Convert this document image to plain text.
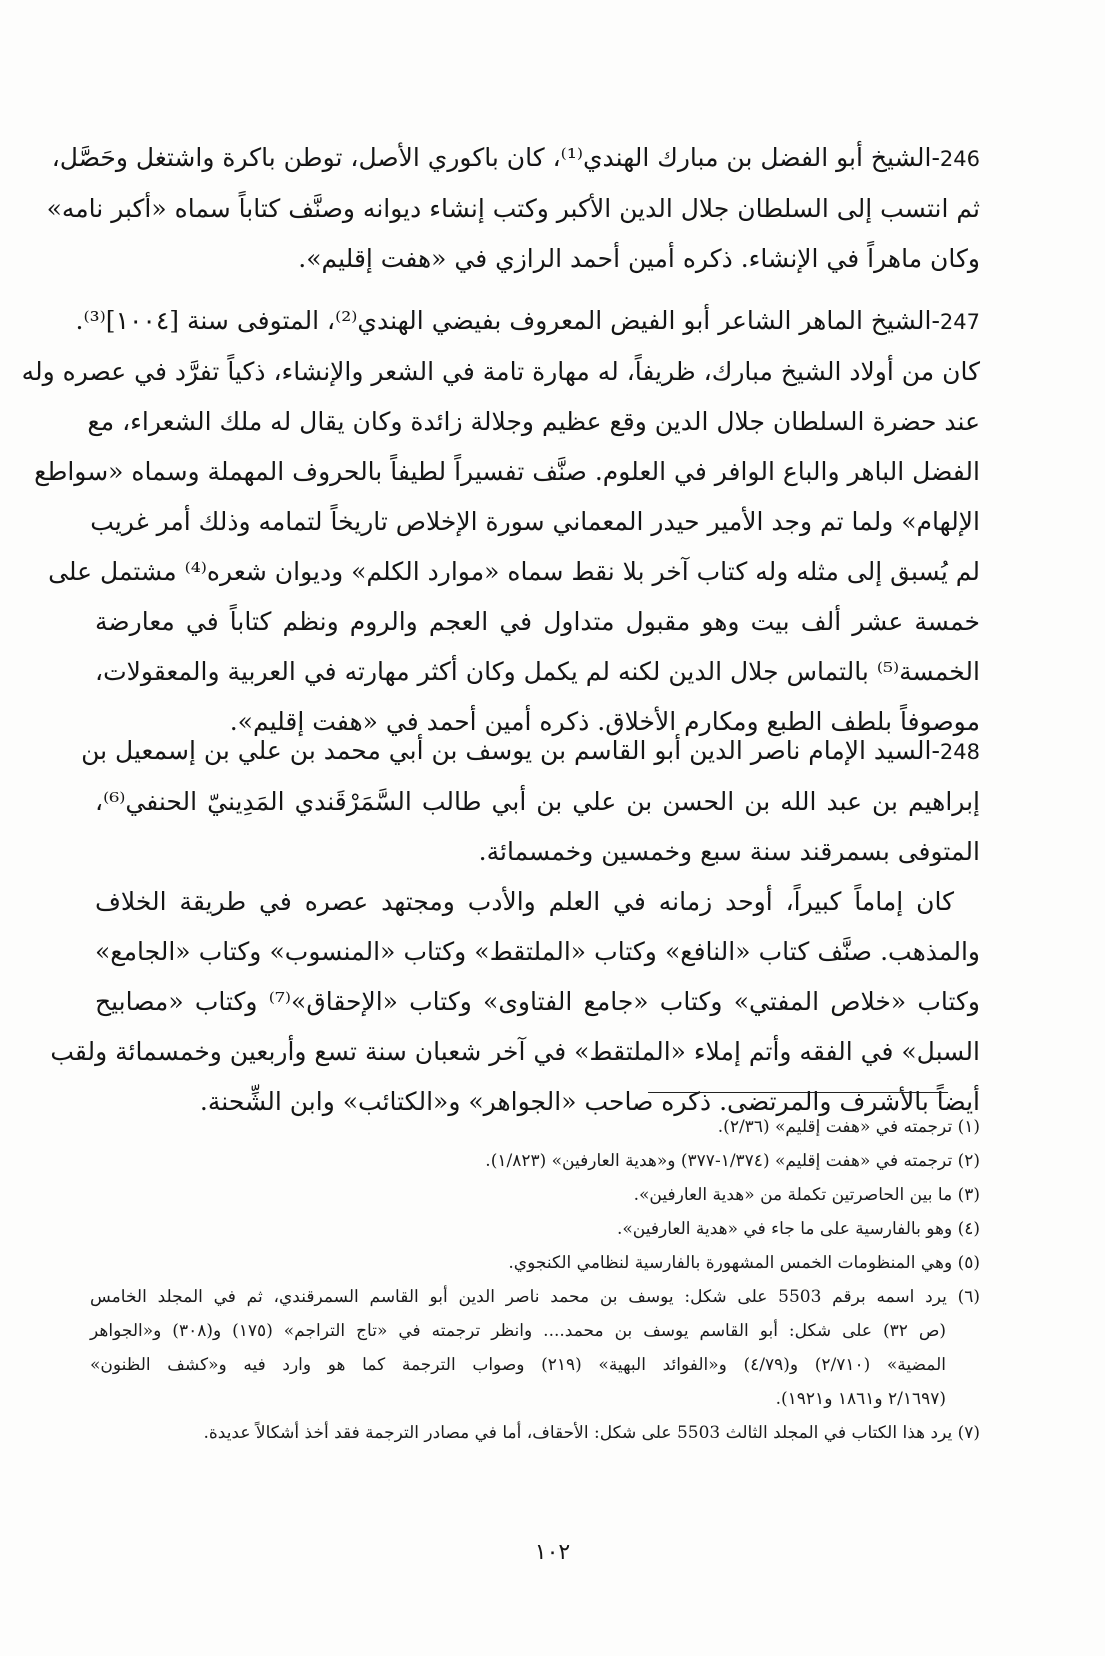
246-الشيخ أبو الفضل بن مبارك الهندي⁽¹⁾، كان باكوري الأصل، توطن باكرة واشتغل وحَصَّل،
ثم انتسب إلى السلطان جلال الدين الأكبر وكتب إنشاء ديوانه وصنَّف كتاباً سماه «أكبر نامه»
وكان ماهراً في الإنشاء. ذكره أمين أحمد الرازي في «هفت إقليم».
247-الشيخ الماهر الشاعر أبو الفيض المعروف بفيضي الهندي⁽²⁾، المتوفى سنة [١٠٠٤]⁽³⁾.
كان من أولاد الشيخ مبارك، ظريفاً، له مهارة تامة في الشعر والإنشاء، ذكياً تفرَّد في عصره وله
عند حضرة السلطان جلال الدين وقع عظيم وجلالة زائدة وكان يقال له ملك الشعراء، مع
الفضل الباهر والباع الوافر في العلوم. صنَّف تفسيراً لطيفاً بالحروف المهملة وسماه «سواطع
الإلهام» ولما تم وجد الأمير حيدر المعماني سورة الإخلاص تاريخاً لتمامه وذلك أمر غريب
لم يُسبق إلى مثله وله كتاب آخر بلا نقط سماه «موارد الكلم» وديوان شعره⁽⁴⁾ مشتمل على
خمسة عشر ألف بيت وهو مقبول متداول في العجم والروم ونظم كتاباً في معارضة
الخمسة⁽⁵⁾ بالتماس جلال الدين لكنه لم يكمل وكان أكثر مهارته في العربية والمعقولات،
موصوفاً بلطف الطبع ومكارم الأخلاق. ذكره أمين أحمد في «هفت إقليم».
248-السيد الإمام ناصر الدين أبو القاسم بن يوسف بن أبي محمد بن علي بن إسمعيل بن
إبراهيم بن عبد الله بن الحسن بن علي بن أبي طالب السَّمَرْقَندي المَدِينيّ الحنفي⁽⁶⁾،
المتوفى بسمرقند سنة سبع وخمسين وخمسمائة.
كان إماماً كبيراً، أوحد زمانه في العلم والأدب ومجتهد عصره في طريقة الخلاف
والمذهب. صنَّف كتاب «النافع» وكتاب «الملتقط» وكتاب «المنسوب» وكتاب «الجامع»
وكتاب «خلاص المفتي» وكتاب «جامع الفتاوى» وكتاب «الإحقاق»⁽⁷⁾ وكتاب «مصابيح
السبل» في الفقه وأتم إملاء «الملتقط» في آخر شعبان سنة تسع وأربعين وخمسمائة ولقب
أيضاً بالأشرف والمرتضى. ذكره صاحب «الجواهر» و«الكتائب» وابن الشِّحنة.
(١) ترجمته في «هفت إقليم» (٢/٣٦).
(٢) ترجمته في «هفت إقليم» (١/٣٧٤-٣٧٧) و«هدية العارفين» (١/٨٢٣).
(٣) ما بين الحاصرتين تكملة من «هدية العارفين».
(٤) وهو بالفارسية على ما جاء في «هدية العارفين».
(٥) وهي المنظومات الخمس المشهورة بالفارسية لنظامي الكنجوي.
(٦) يرد اسمه برقم 5503 على شكل: يوسف بن محمد ناصر الدين أبو القاسم السمرقندي، ثم في المجلد الخامس
(ص ٣٢) على شكل: أبو القاسم يوسف بن محمد.... وانظر ترجمته في «تاج التراجم» (١٧٥) و(٣٠٨) و«الجواهر
المضية» (٢/٧١٠) و(٤/٧٩) و«الفوائد البهية» (٢١٩) وصواب الترجمة كما هو وارد فيه و«كشف الظنون»
(٢/١٦٩٧ و١٨٦١ و١٩٢١).
(٧) يرد هذا الكتاب في المجلد الثالث 5503 على شكل: الأحقاف، أما في مصادر الترجمة فقد أخذ أشكالاً عديدة.
١٠٢
